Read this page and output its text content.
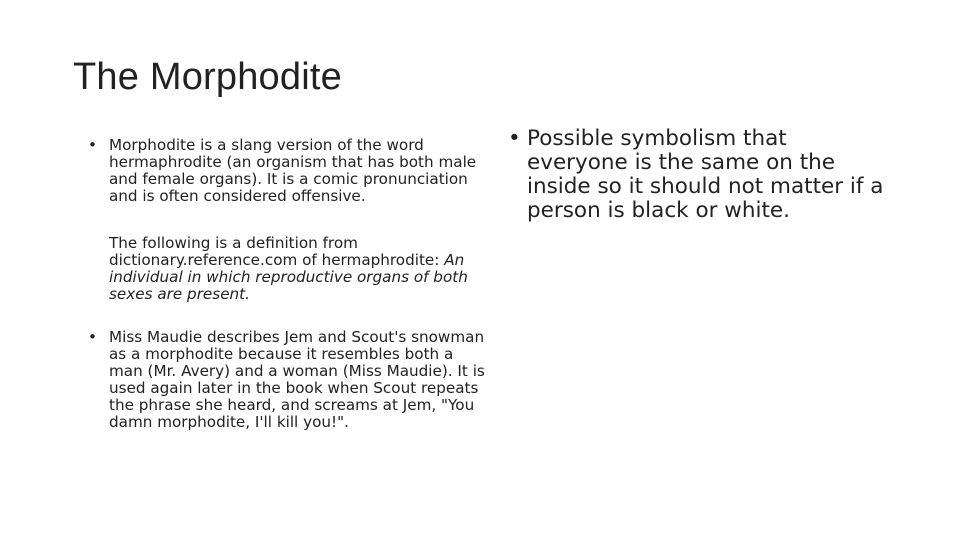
The Morphodite
• Morphodite is a slang version of the word hermaphrodite (an organism that has both male and female organs). It is a comic pronunciation and is often considered offensive.
The following is a definition from dictionary.reference.com of hermaphrodite: An individual in which reproductive organs of both sexes are present.
• Miss Maudie describes Jem and Scout's snowman as a morphodite because it resembles both a man (Mr. Avery) and a woman (Miss Maudie). It is used again later in the book when Scout repeats the phrase she heard, and screams at Jem, "You damn morphodite, I'll kill you!".
• Possible symbolism that everyone is the same on the inside so it should not matter if a person is black or white.
